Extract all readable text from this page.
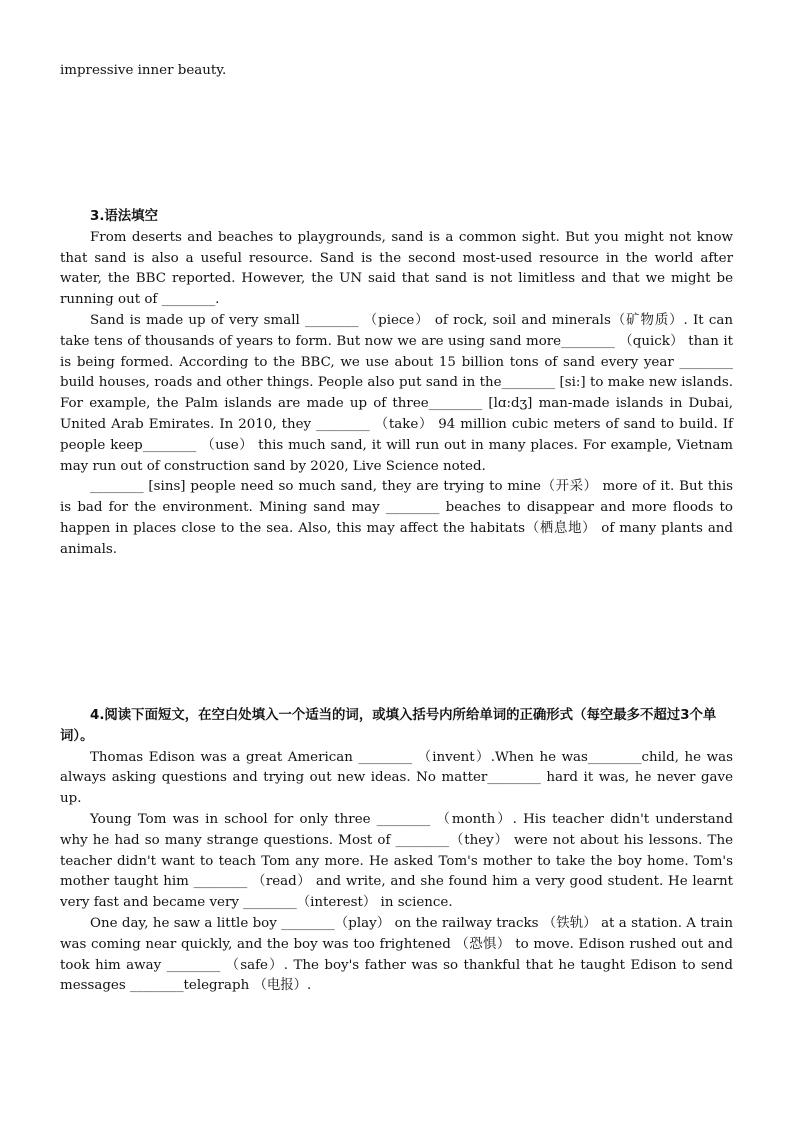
impressive inner beauty.

3.语法填空

From deserts and beaches to playgrounds, sand is a common sight. But you might not know that sand is also a useful resource. Sand is the second most-used resource in the world after water, the BBC reported. However, the UN said that sand is not limitless and that we might be running out of ________.

Sand is made up of very small ________ （piece） of rock, soil and minerals（矿物质）. It can take tens of thousands of years to form. But now we are using sand more________ （quick） than it is being formed. According to the BBC, we use about 15 billion tons of sand every year ________ build houses, roads and other things. People also put sand in the________ [si:] to make new islands. For example, the Palm islands are made up of three________ [lɑ:dʒ] man-made islands in Dubai, United Arab Emirates. In 2010, they ________ （take） 94 million cubic meters of sand to build. If people keep________ （use） this much sand, it will run out in many places. For example, Vietnam may run out of construction sand by 2020, Live Science noted.

________ [sins] people need so much sand, they are trying to mine（开采） more of it. But this is bad for the environment. Mining sand may ________ beaches to disappear and more floods to happen in places close to the sea. Also, this may affect the habitats（栖息地） of many plants and animals.

4.阅读下面短文，在空白处填入一个适当的词，或填入括号内所给单词的正确形式（每空最多不超过3个单词）。

Thomas Edison was a great American ________ （invent）.When he was________child, he was always asking questions and trying out new ideas. No matter________ hard it was, he never gave up.

Young Tom was in school for only three ________ （month）. His teacher didn't understand why he had so many strange questions. Most of ________（they） were not about his lessons. The teacher didn't want to teach Tom any more. He asked Tom's mother to take the boy home. Tom's mother taught him ________ （read） and write, and she found him a very good student. He learnt very fast and became very ________（interest） in science.

One day, he saw a little boy ________（play） on the railway tracks （铁轨） at a station. A train was coming near quickly, and the boy was too frightened （恐惧） to move. Edison rushed out and took him away ________ （safe）. The boy's father was so thankful that he taught Edison to send messages ________telegraph （电报）.
